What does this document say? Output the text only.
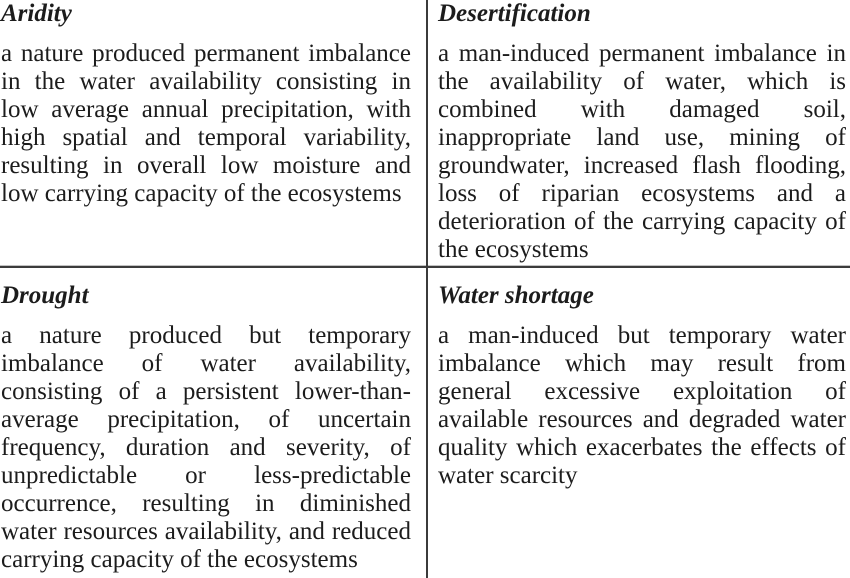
Aridity

a nature produced permanent imbalance in the water availability consisting in low average annual precipitation, with high spatial and temporal variability, resulting in overall low moisture and low carrying capacity of the ecosystems

Desertification

a man-induced permanent imbalance in the availability of water, which is combined with damaged soil, inappropriate land use, mining of groundwater, increased flash flooding, loss of riparian ecosystems and a deterioration of the carrying capacity of the ecosystems

Drought

a nature produced but temporary imbalance of water availability, consisting of a persistent lower-than-average precipitation, of uncertain frequency, duration and severity, of unpredictable or less-predictable occurrence, resulting in diminished water resources availability, and reduced carrying capacity of the ecosystems

Water shortage

a man-induced but temporary water imbalance which may result from general excessive exploitation of available resources and degraded water quality which exacerbates the effects of water scarcity
